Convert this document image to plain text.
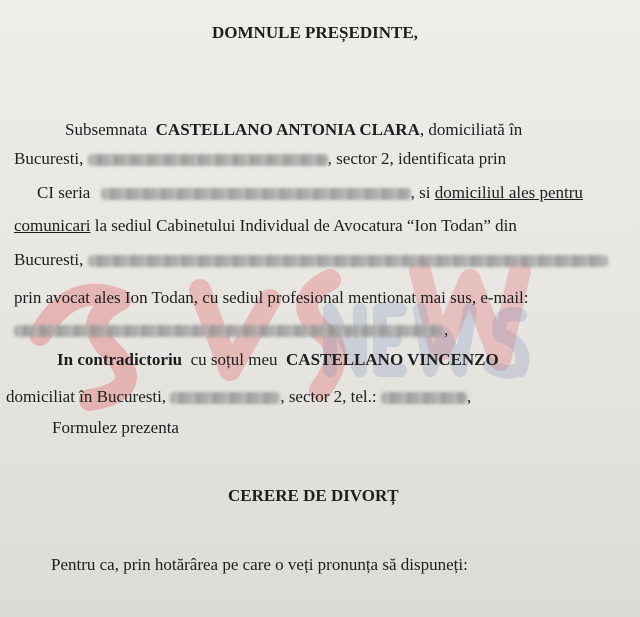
DOMNULE PREȘEDINTE,
Subsemnata CASTELLANO ANTONIA CLARA, domiciliată în
Bucuresti,	, sector 2, identificata prin
CI seria	, si domiciliul ales pentru
comunicari la sediul Cabinetului Individual de Avocatura “Ion Todan” din
Bucuresti,
prin avocat ales Ion Todan, cu sediul profesional mentionat mai sus, e-mail:
,
In contradictoriu cu soțul meu CASTELLANO VINCENZO
domiciliat în Bucuresti,	, sector 2, tel.:	,
Formulez prezenta
CERERE DE DIVORȚ
Pentru ca, prin hotărârea pe care o veți pronunța să dispuneți:
